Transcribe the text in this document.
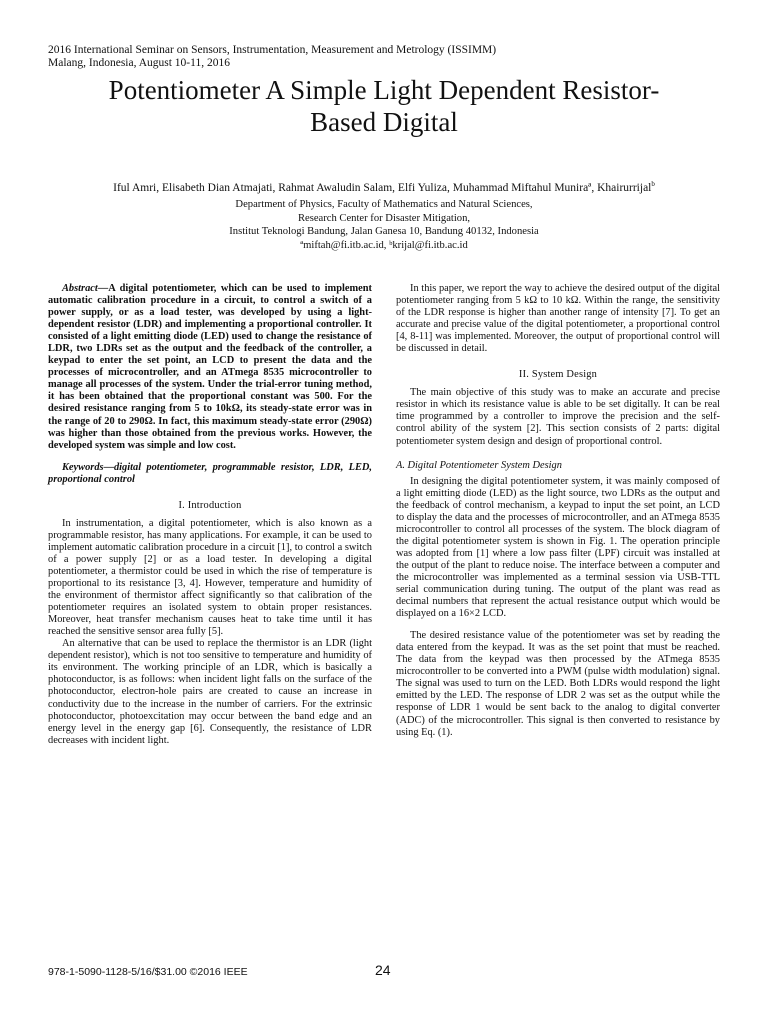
2016 International Seminar on Sensors, Instrumentation, Measurement and Metrology (ISSIMM)
Malang, Indonesia, August 10-11, 2016
Potentiometer A Simple Light Dependent Resistor-
Based Digital
Iful Amri, Elisabeth Dian Atmajati, Rahmat Awaludin Salam, Elfi Yuliza, Muhammad Miftahul Muniraª, Khairurrijal$^b$
Department of Physics, Faculty of Mathematics and Natural Sciences,
Research Center for Disaster Mitigation,
Institut Teknologi Bandung, Jalan Ganesa 10, Bandung 40132, Indonesia
ªmiftah@fi.itb.ac.id, ᵇkrijal@fi.itb.ac.id
Abstract—A digital potentiometer, which can be used to implement automatic calibration procedure in a circuit, to control a switch of a power supply, or as a load tester, was developed by using a light-dependent resistor (LDR) and implementing a proportional controller. It consisted of a light emitting diode (LED) used to change the resistance of LDR, two LDRs set as the output and the feedback of the controller, a keypad to enter the set point, an LCD to present the data and the processes of microcontroller, and an ATmega 8535 microcontroller to manage all processes of the system. Under the trial-error tuning method, it has been obtained that the proportional constant was 500. For the desired resistance ranging from 5 to 10kΩ, its steady-state error was in the range of 20 to 290Ω. In fact, this maximum steady-state error (290Ω) was higher than those obtained from the previous works. However, the developed system was simple and low cost.
Keywords—digital potentiometer, programmable resistor, LDR, LED, proportional control
I. Introduction

In instrumentation, a digital potentiometer, which is also known as a programmable resistor, has many applications. For example, it can be used to implement automatic calibration procedure in a circuit [1], to control a switch of a power supply [2] or as a load tester. In developing a digital potentiometer, a thermistor could be used in which the rise of temperature is proportional to its resistance [3, 4]. However, temperature and humidity of the environment of thermistor affect significantly so that calibration of the potentiometer requires an isolated system to obtain proper resistances. Moreover, heat transfer mechanism causes heat to take time until it has reached the sensitive sensor area fully [5].

An alternative that can be used to replace the thermistor is an LDR (light dependent resistor), which is not too sensitive to temperature and humidity of its environment. The working principle of an LDR, which is basically a photoconductor, is as follows: when incident light falls on the surface of the photoconductor, electron-hole pairs are created to cause an increase in conductivity due to the increase in the number of carriers. For the extrinsic photoconductor, photoexcitation may occur between the band edge and an energy level in the energy gap [6]. Consequently, the resistance of LDR decreases with incident light.

In this paper, we report the way to achieve the desired output of the digital potentiometer ranging from 5 kΩ to 10 kΩ. Within the range, the sensitivity of the LDR response is higher than another range of intensity [7]. To get an accurate and precise value of the digital potentiometer, a proportional control [4, 8-11] was implemented. Moreover, the output of proportional control will be discussed in detail.

II. System Design

The main objective of this study was to make an accurate and precise resistor in which its resistance value is able to be set digitally. It can be real time programmed by a controller to improve the precision and the self-control ability of the system [2]. This section consists of 2 parts: digital potentiometer system design and design of proportional control.

A. Digital Potentiometer System Design

In designing the digital potentiometer system, it was mainly composed of a light emitting diode (LED) as the light source, two LDRs as the output and the feedback of control mechanism, a keypad to input the set point, an LCD to display the data and the processes of microcontroller, and an ATmega 8535 microcontroller to control all processes of the system. The block diagram of the digital potentiometer system is shown in Fig. 1. The operation principle was adopted from [1] where a low pass filter (LPF) circuit was installed at the output of the plant to reduce noise. The interface between a computer and the microcontroller was implemented as a terminal session via USB-TTL serial communication during tuning. The output of the plant was read as decimal numbers that represent the actual resistance output which would be displayed on a 16×2 LCD.

The desired resistance value of the potentiometer was set by reading the data entered from the keypad. It was as the set point that must be reached. The data from the keypad was then processed by the ATmega 8535 microcontroller to be converted into a PWM (pulse width modulation) signal. The signal was used to turn on the LED. Both LDRs would respond the light emitted by the LED. The response of LDR 2 was set as the output while the response of LDR 1 would be sent back to the analog to digital converter (ADC) of the microcontroller. This signal is then converted to resistance by using Eq. (1).

978-1-5090-1128-5/16/$31.00 ©2016 IEEE	24
